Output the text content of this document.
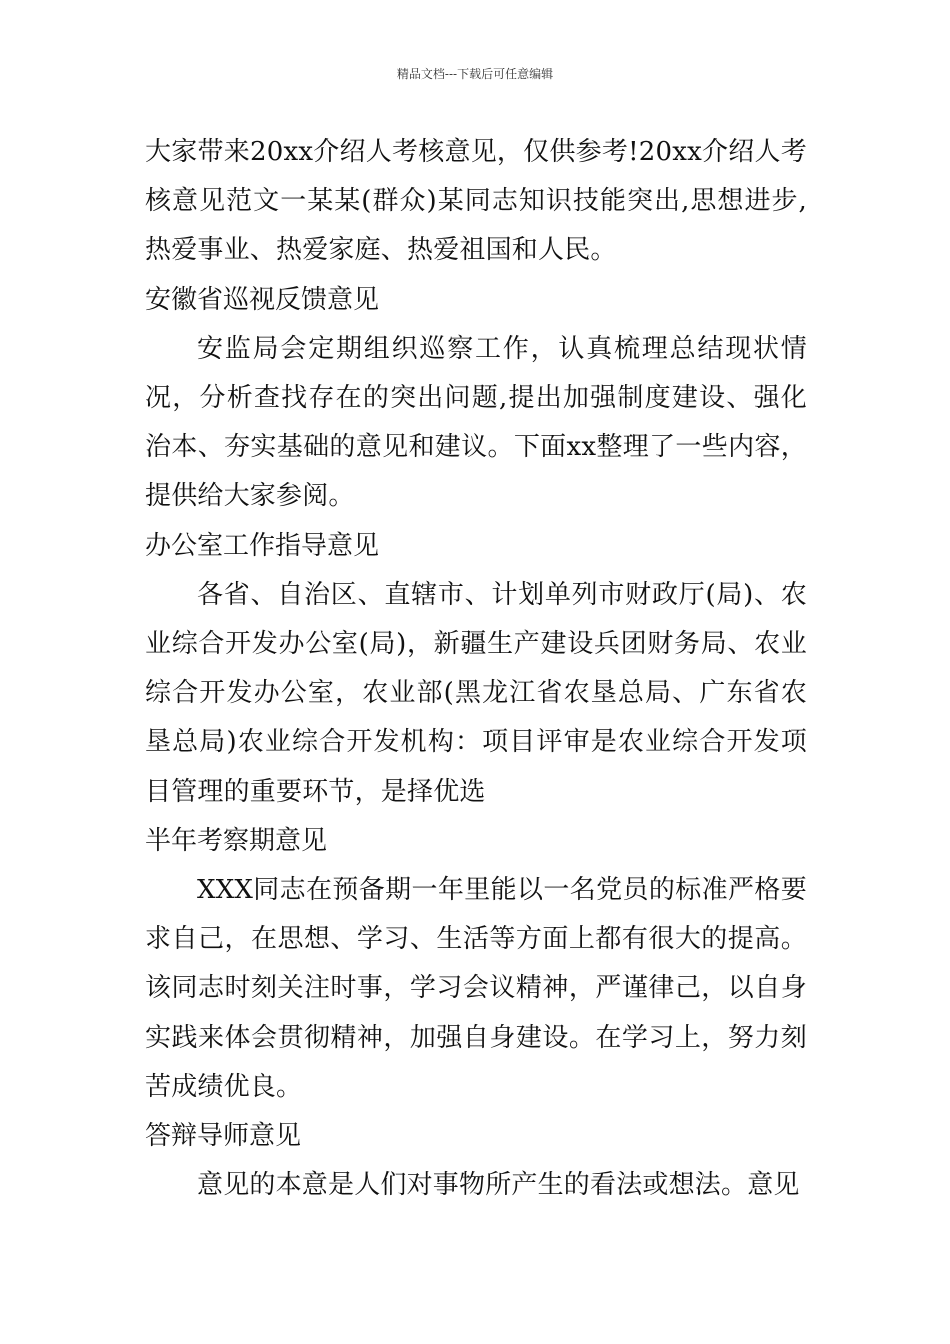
精品文档---下载后可任意编辑

大家带来20xx介绍人考核意见，仅供参考!20xx介绍人考核意见范文一某某(群众)某同志知识技能突出,思想进步,热爱事业、热爱家庭、热爱祖国和人民。

安徽省巡视反馈意见

安监局会定期组织巡察工作，认真梳理总结现状情况，分析查找存在的突出问题,提出加强制度建设、强化治本、夯实基础的意见和建议。下面xx整理了一些内容，提供给大家参阅。

办公室工作指导意见

各省、自治区、直辖市、计划单列市财政厅(局)、农业综合开发办公室(局)，新疆生产建设兵团财务局、农业综合开发办公室，农业部(黑龙江省农垦总局、广东省农垦总局)农业综合开发机构：项目评审是农业综合开发项目管理的重要环节，是择优选

半年考察期意见

XXX同志在预备期一年里能以一名党员的标准严格要求自己，在思想、学习、生活等方面上都有很大的提高。该同志时刻关注时事，学习会议精神，严谨律己，以自身实践来体会贯彻精神，加强自身建设。在学习上，努力刻苦成绩优良。

答辩导师意见

意见的本意是人们对事物所产生的看法或想法。意见
